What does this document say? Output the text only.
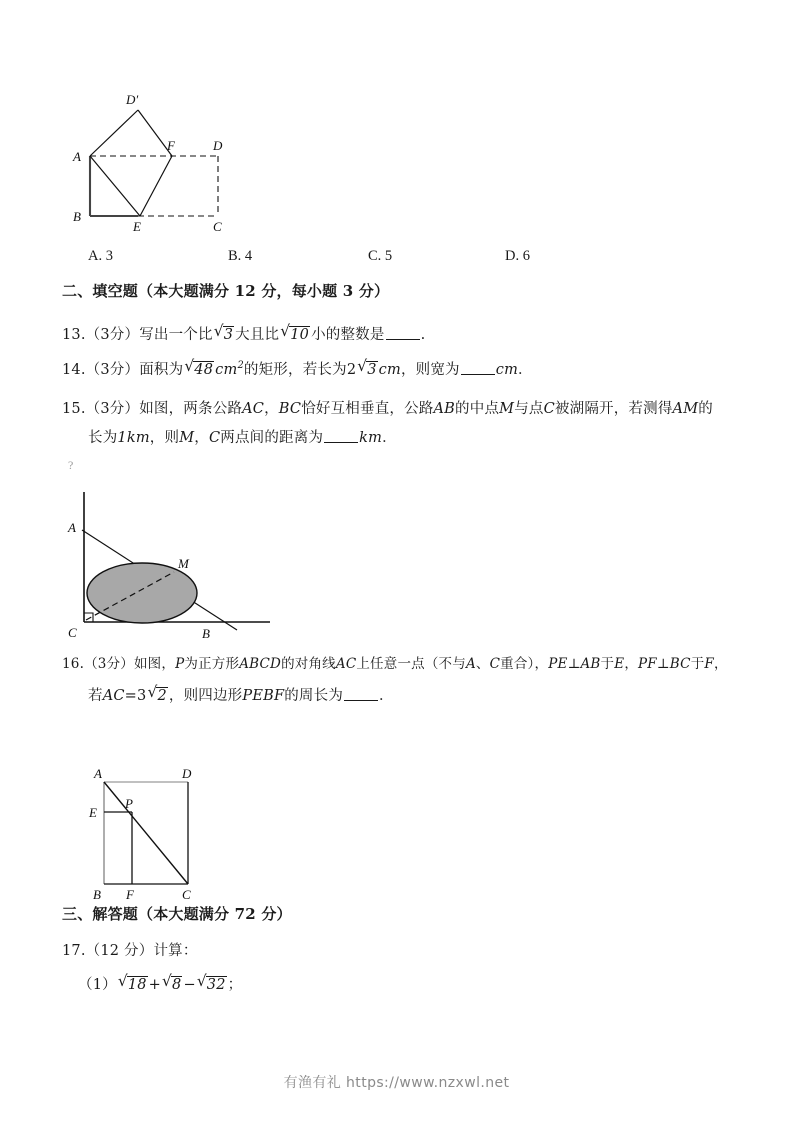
D′
A
F	D
B
E	C
A. 3	B. 4	C. 5	D. 6
二、填空题（本大题满分 12 分，每小题 3 分）
13.（3分）写出一个比 √ 3 大且比 √ 10 小的整数是 .
14.（3分）面积为 √ 48 $cm^2$的矩形，若长为2 √ 3 cm，则宽为 cm．
15.（3分）如图，两条公路AC，BC恰好互相垂直，公路AB的中点M与点C被湖隔开，若测得AM的
长为1km，则M，C两点间的距离为 km．
?
A
M
C	B
16.（3分）如图，P为正方形ABCD的对角线AC上任意一点（不与A、C重合），PE⊥AB于E，PF⊥BC于F，
若AC=3 √ 2 ，则四边形PEBF的周长为 ．
A	D
E
P
B F	C
三、解答题（本大题满分 72 分）
17.（12 分）计算：
（1） √ 18 + √ 8 − √ 32 ；
有渔有礼 https://www.nzxwl.net
